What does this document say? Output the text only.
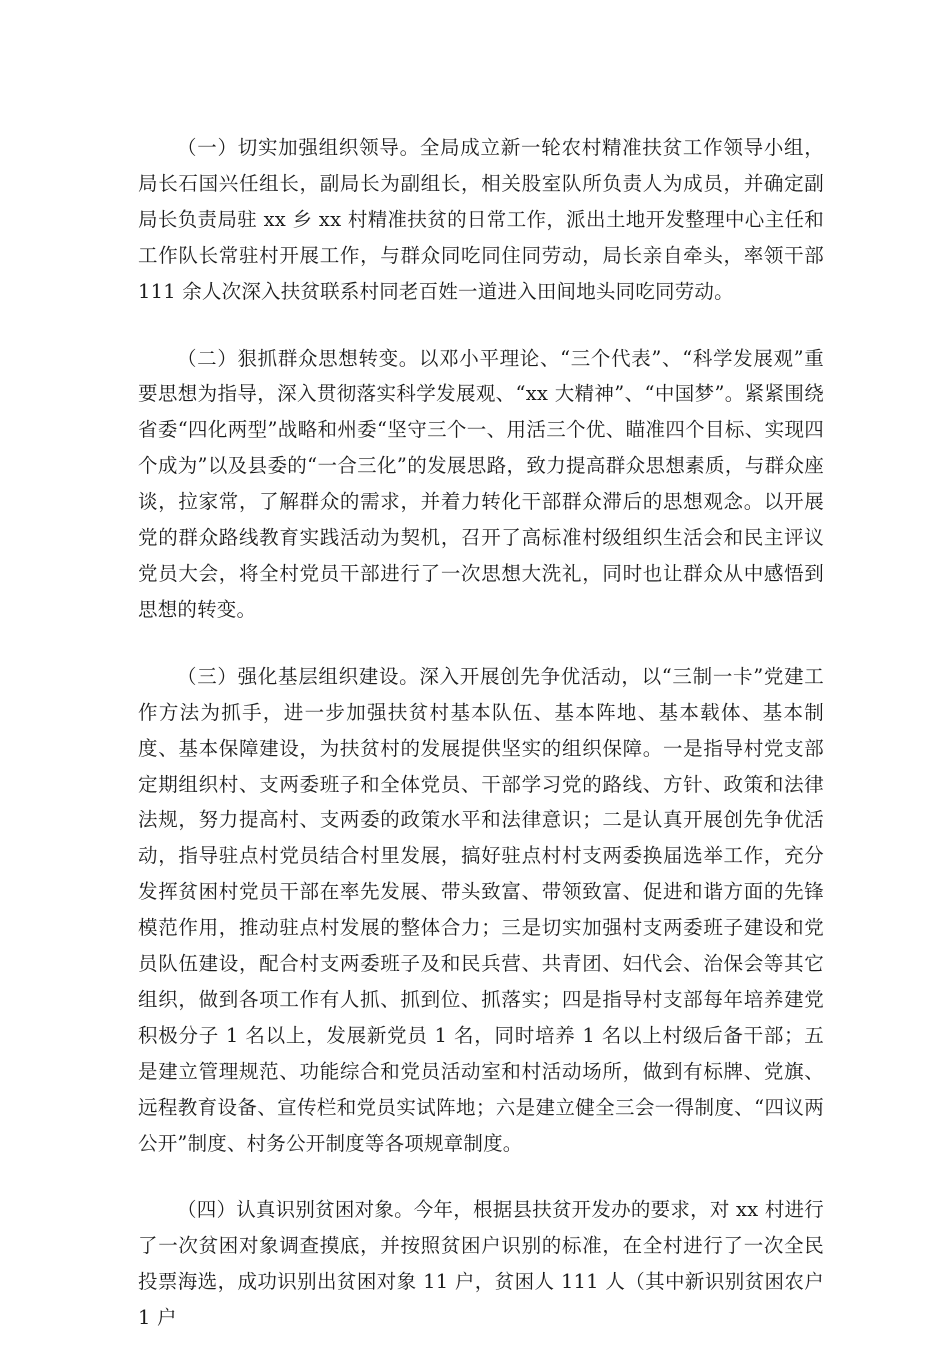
（一）切实加强组织领导。全局成立新一轮农村精准扶贫工作领导小组，局长石国兴任组长，副局长为副组长，相关股室队所负责人为成员，并确定副局长负责局驻 xx 乡 xx 村精准扶贫的日常工作，派出土地开发整理中心主任和工作队长常驻村开展工作，与群众同吃同住同劳动，局长亲自牵头，率领干部 111 余人次深入扶贫联系村同老百姓一道进入田间地头同吃同劳动。

（二）狠抓群众思想转变。以邓小平理论、“三个代表”、“科学发展观”重要思想为指导，深入贯彻落实科学发展观、“xx 大精神”、“中国梦”。紧紧围绕省委“四化两型”战略和州委“坚守三个一、用活三个优、瞄准四个目标、实现四个成为”以及县委的“一合三化”的发展思路，致力提高群众思想素质，与群众座谈，拉家常，了解群众的需求，并着力转化干部群众滞后的思想观念。以开展党的群众路线教育实践活动为契机，召开了高标准村级组织生活会和民主评议党员大会，将全村党员干部进行了一次思想大洗礼，同时也让群众从中感悟到思想的转变。

（三）强化基层组织建设。深入开展创先争优活动，以“三制一卡”党建工作方法为抓手，进一步加强扶贫村基本队伍、基本阵地、基本载体、基本制度、基本保障建设，为扶贫村的发展提供坚实的组织保障。一是指导村党支部定期组织村、支两委班子和全体党员、干部学习党的路线、方针、政策和法律法规，努力提高村、支两委的政策水平和法律意识；二是认真开展创先争优活动，指导驻点村党员结合村里发展，搞好驻点村村支两委换届选举工作，充分发挥贫困村党员干部在率先发展、带头致富、带领致富、促进和谐方面的先锋模范作用，推动驻点村发展的整体合力；三是切实加强村支两委班子建设和党员队伍建设，配合村支两委班子及和民兵营、共青团、妇代会、治保会等其它组织，做到各项工作有人抓、抓到位、抓落实；四是指导村支部每年培养建党积极分子 1 名以上，发展新党员 1 名，同时培养 1 名以上村级后备干部；五是建立管理规范、功能综合和党员活动室和村活动场所，做到有标牌、党旗、远程教育设备、宣传栏和党员实试阵地；六是建立健全三会一得制度、“四议两公开”制度、村务公开制度等各项规章制度。

（四）认真识别贫困对象。今年，根据县扶贫开发办的要求，对 xx 村进行了一次贫困对象调查摸底，并按照贫困户识别的标准，在全村进行了一次全民投票海选，成功识别出贫困对象 11 户，贫困人 111 人（其中新识别贫困农户 1 户
